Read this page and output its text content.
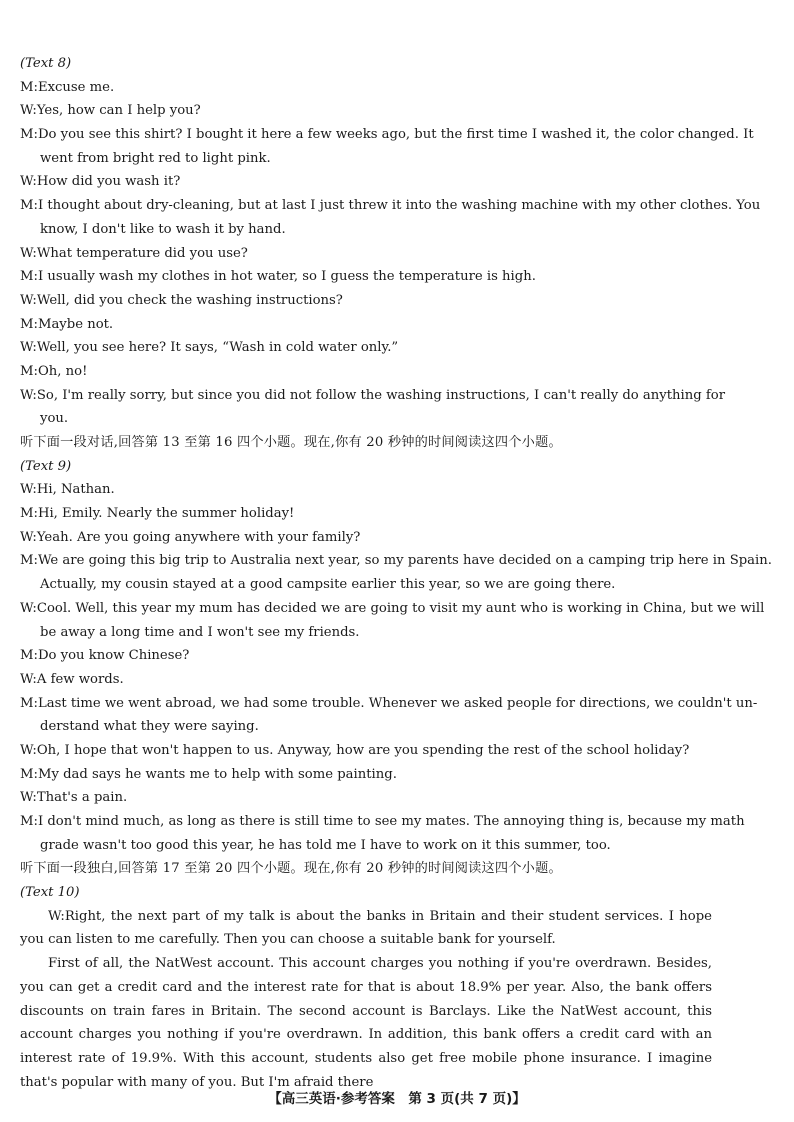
(Text 8)
M:Excuse me.
W:Yes, how can I help you?
M:Do you see this shirt? I bought it here a few weeks ago, but the first time I washed it, the color changed. It
went from bright red to light pink.
W:How did you wash it?
M:I thought about dry-cleaning, but at last I just threw it into the washing machine with my other clothes. You
know, I don't like to wash it by hand.
W:What temperature did you use?
M:I usually wash my clothes in hot water, so I guess the temperature is high.
W:Well, did you check the washing instructions?
M:Maybe not.
W:Well, you see here? It says, “Wash in cold water only.”
M:Oh, no!
W:So, I'm really sorry, but since you did not follow the washing instructions, I can't really do anything for
you.
听下面一段对话,回答第 13 至第 16 四个小题。现在,你有 20 秒钟的时间阅读这四个小题。
(Text 9)
W:Hi, Nathan.
M:Hi, Emily. Nearly the summer holiday!
W:Yeah. Are you going anywhere with your family?
M:We are going this big trip to Australia next year, so my parents have decided on a camping trip here in Spain.
Actually, my cousin stayed at a good campsite earlier this year, so we are going there.
W:Cool. Well, this year my mum has decided we are going to visit my aunt who is working in China, but we will
be away a long time and I won't see my friends.
M:Do you know Chinese?
W:A few words.
M:Last time we went abroad, we had some trouble. Whenever we asked people for directions, we couldn't un-
derstand what they were saying.
W:Oh, I hope that won't happen to us. Anyway, how are you spending the rest of the school holiday?
M:My dad says he wants me to help with some painting.
W:That's a pain.
M:I don't mind much, as long as there is still time to see my mates. The annoying thing is, because my math
grade wasn't too good this year, he has told me I have to work on it this summer, too.
听下面一段独白,回答第 17 至第 20 四个小题。现在,你有 20 秒钟的时间阅读这四个小题。
(Text 10)
W:Right, the next part of my talk is about the banks in Britain and their student services. I hope you can listen to me carefully. Then you can choose a suitable bank for yourself.
First of all, the NatWest account. This account charges you nothing if you're overdrawn. Besides, you can get a credit card and the interest rate for that is about 18.9% per year. Also, the bank offers discounts on train fares in Britain. The second account is Barclays. Like the NatWest account, this account charges you nothing if you're overdrawn. In addition, this bank offers a credit card with an interest rate of 19.9%. With this account, students also get free mobile phone insurance. I imagine that's popular with many of you. But I'm afraid there
【高三英语·参考答案　第 3 页(共 7 页)】
